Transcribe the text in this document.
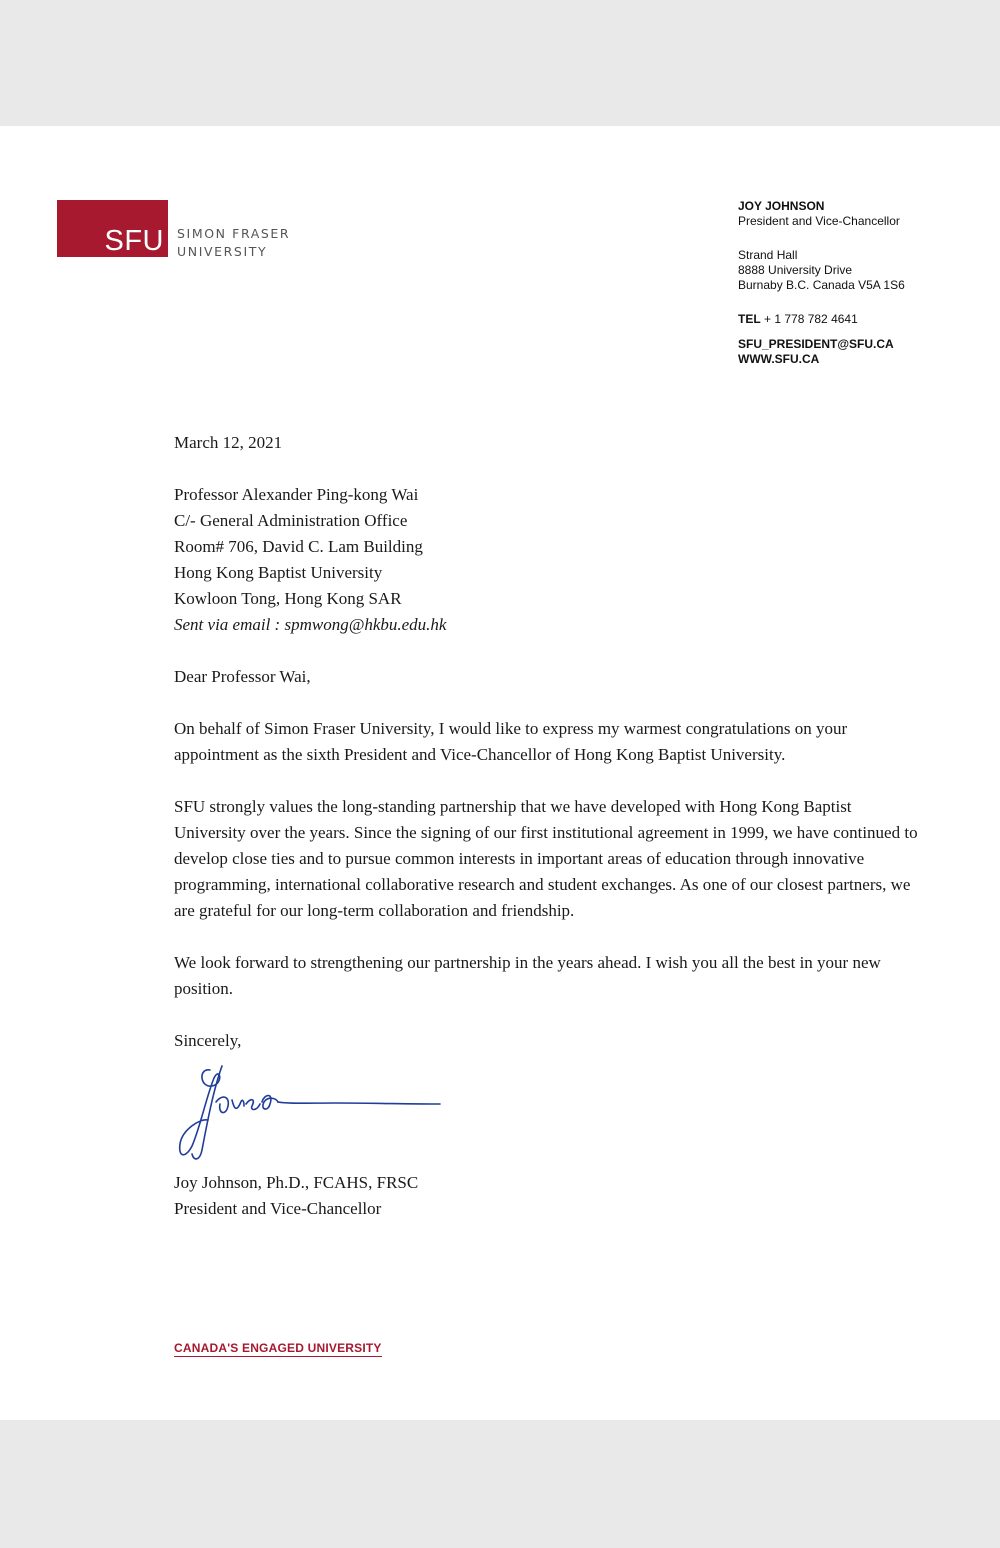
SFU SIMON FRASER
UNIVERSITY
JOY JOHNSON
President and Vice-Chancellor
Strand Hall
8888 University Drive
Burnaby B.C. Canada V5A 1S6
TEL + 1 778 782 4641
SFU_PRESIDENT@SFU.CA
WWW.SFU.CA

March 12, 2021

Professor Alexander Ping-kong Wai

C/- General Administration Office

Room# 706, David C. Lam Building

Hong Kong Baptist University

Kowloon Tong, Hong Kong SAR

Sent via email : spmwong@hkbu.edu.hk

Dear Professor Wai,

On behalf of Simon Fraser University, I would like to express my warmest congratulations on your appointment as the sixth President and Vice-Chancellor of Hong Kong Baptist University.

SFU strongly values the long-standing partnership that we have developed with Hong Kong Baptist University over the years. Since the signing of our first institutional agreement in 1999, we have continued to develop close ties and to pursue common interests in important areas of education through innovative programming, international collaborative research and student exchanges. As one of our closest partners, we are grateful for our long-term collaboration and friendship.

We look forward to strengthening our partnership in the years ahead. I wish you all the best in your new position.

Sincerely,

Joy Johnson, Ph.D., FCAHS, FRSC

President and Vice-Chancellor

CANADA'S ENGAGED UNIVERSITY
